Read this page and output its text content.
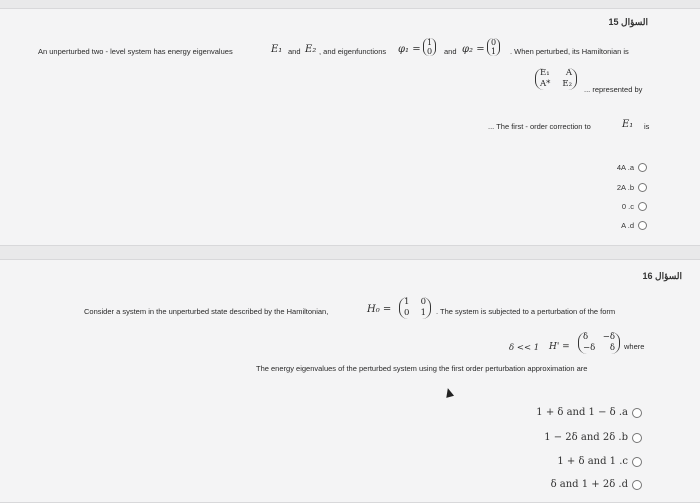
15 السؤال
An unperturbed two - level system has energy eigenvalues	E₁ and E₂ , and eigenfunctions φ₁ =
1
0 and φ₂ =
0
1 . When perturbed, its Hamiltonian is
E₁ A
A* E₂
... represented by
... The first - order correction to	E₁ is
4A .a
2A .b
0 .c
A .d
16 السؤال
Consider a system in the unperturbed state described by the Hamiltonian,	H₀ =
1 0
0 1 . The system is subjected to a perturbation of the form
δ << 1 H' =
δ −δ
−δ δ where
The energy eigenvalues of the perturbed system using the first order perturbation approximation are
1 + δ and 1 − δ .a
1 − 2δ and 2δ .b
1 + δ and 1 .c
δ and 1 + 2δ .d
